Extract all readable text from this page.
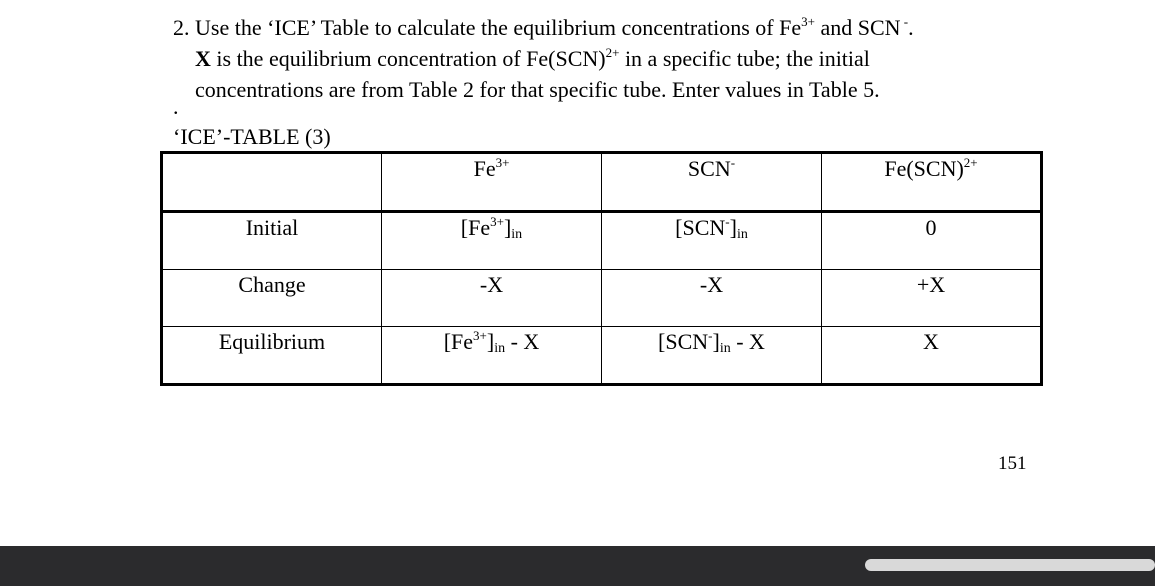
2. Use the ‘ICE’ Table to calculate the equilibrium concentrations of $Fe^{3+}$ and SCN -.
X is the equilibrium concentration of Fe(SCN)$^{2+}$ in a specific tube; the initial
concentrations are from Table 2 for that specific tube. Enter values in Table 5.
.
‘ICE’-TABLE (3)
	$Fe^{3+}$	SCN-	Fe(SCN)$^{2+}$
Initial	$[Fe^{3+}]_{in}$	$[SCN^-]_{in}$	0
Change	-X	-X	+X
Equilibrium	$[Fe^{3+}]_{in}$ - X	$[SCN^-]_{in}$ - X	X
151
